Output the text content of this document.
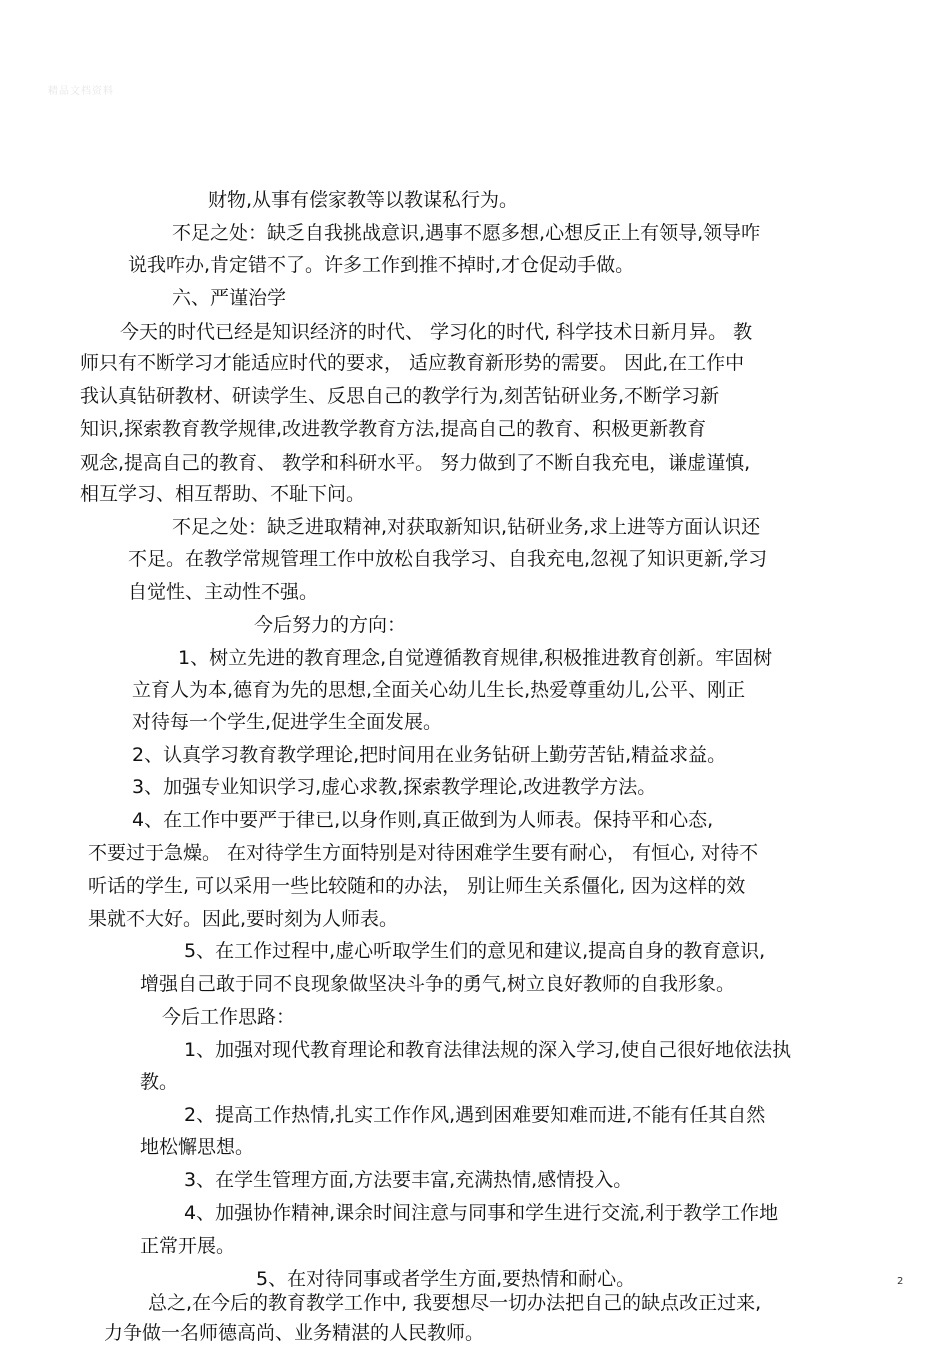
精品文档资料
财物,从事有偿家教等以教谋私行为。
不足之处：缺乏自我挑战意识,遇事不愿多想,心想反正上有领导,领导咋
说我咋办,肯定错不了。许多工作到推不掉时,才仓促动手做。
六、严谨治学
今天的时代已经是知识经济的时代、 学习化的时代, 科学技术日新月异。 教
师只有不断学习才能适应时代的要求， 适应教育新形势的需要。 因此,在工作中
我认真钻研教材、研读学生、反思自己的教学行为,刻苦钻研业务,不断学习新
知识,探索教育教学规律,改进教学教育方法,提高自己的教育、积极更新教育
观念,提高自己的教育、 教学和科研水平。 努力做到了不断自我充电，谦虚谨慎,
相互学习、相互帮助、不耻下问。
不足之处：缺乏进取精神,对获取新知识,钻研业务,求上进等方面认识还
不足。在教学常规管理工作中放松自我学习、自我充电,忽视了知识更新,学习
自觉性、主动性不强。
今后努力的方向：
1、树立先进的教育理念,自觉遵循教育规律,积极推进教育创新。牢固树
立育人为本,德育为先的思想,全面关心幼儿生长,热爱尊重幼儿,公平、刚正
对待每一个学生,促进学生全面发展。
2、认真学习教育教学理论,把时间用在业务钻研上勤劳苦钻,精益求益。
3、加强专业知识学习,虚心求教,探索教学理论,改进教学方法。
4、在工作中要严于律已,以身作则,真正做到为人师表。保持平和心态,
不要过于急燥。 在对待学生方面特别是对待困难学生要有耐心， 有恒心, 对待不
听话的学生, 可以采用一些比较随和的办法， 别让师生关系僵化, 因为这样的效
果就不大好。因此,要时刻为人师表。
5、在工作过程中,虚心听取学生们的意见和建议,提高自身的教育意识,
增强自己敢于同不良现象做坚决斗争的勇气,树立良好教师的自我形象。
今后工作思路：
1、加强对现代教育理论和教育法律法规的深入学习,使自己很好地依法执
教。
2、提高工作热情,扎实工作作风,遇到困难要知难而进,不能有任其自然
地松懈思想。
3、在学生管理方面,方法要丰富,充满热情,感情投入。
4、加强协作精神,课余时间注意与同事和学生进行交流,利于教学工作地
正常开展。
5、在对待同事或者学生方面,要热情和耐心。
总之,在今后的教育教学工作中, 我要想尽一切办法把自己的缺点改正过来,
力争做一名师德高尚、业务精湛的人民教师。
2
